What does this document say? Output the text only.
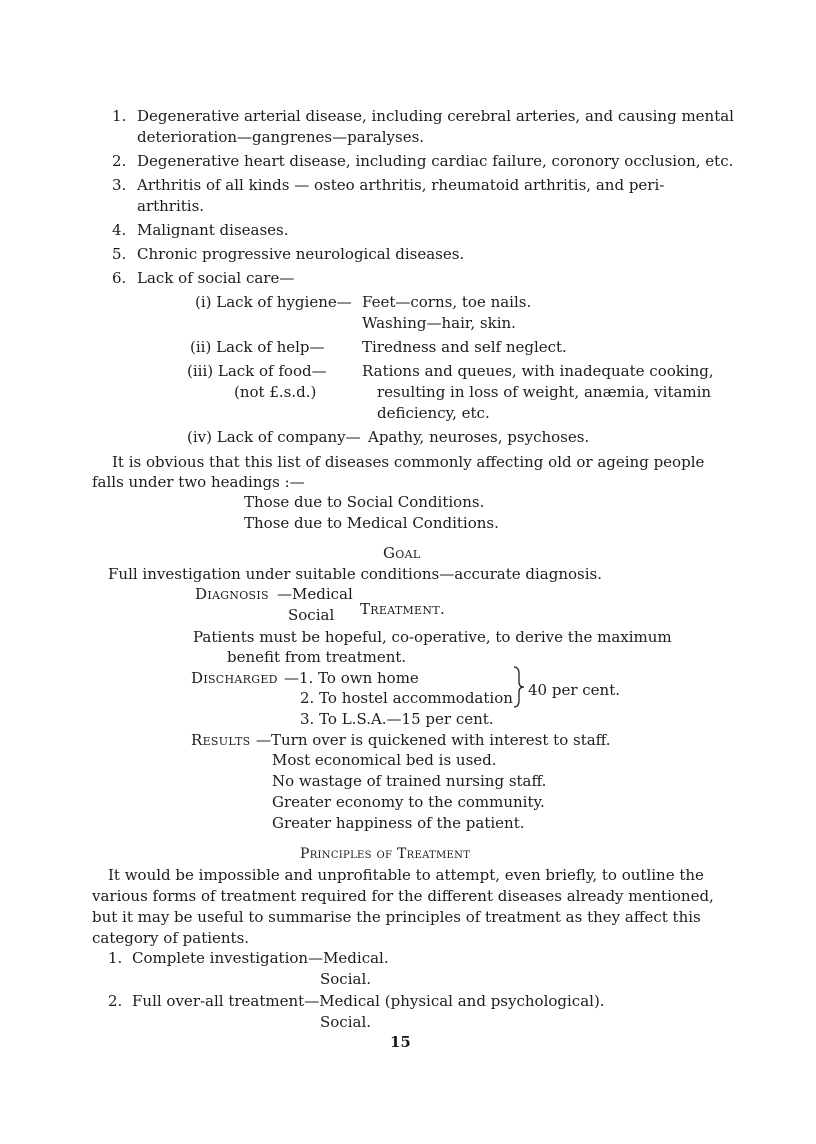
1. Degenerative arterial disease, including cerebral arteries, and causing mental
deterioration—gangrenes—paralyses.
2. Degenerative heart disease, including cardiac failure, coronory occlusion, etc.
3. Arthritis of all kinds — osteo arthritis, rheumatoid arthritis, and peri-
arthritis.
4. Malignant diseases.
5. Chronic progressive neurological diseases.
6. Lack of social care—
(i) Lack of hygiene— Feet—corns, toe nails.
Washing—hair, skin.
(ii) Lack of help— Tiredness and self neglect.
(iii) Lack of food—
(not £.s.d.)
Rations and queues, with inadequate cooking,
resulting in loss of weight, anæmia, vitamin
deficiency, etc.
(iv) Lack of company— Apathy, neuroses, psychoses.
It is obvious that this list of diseases commonly affecting old or ageing people
falls under two headings :—
Those due to Social Conditions.
Those due to Medical Conditions.
Goal
Full investigation under suitable conditions—accurate diagnosis.
Diagnosis —Medical
Social Treatment.
Patients must be hopeful, co-operative, to derive the maximum
benefit from treatment.
Discharged —1. To own home
2. To hostel accommodation
3. To L.S.A.—15 per cent.
40 per cent.
Results —Turn over is quickened with interest to staff.
Most economical bed is used.
No wastage of trained nursing staff.
Greater economy to the community.
Greater happiness of the patient.
Principles of Treatment
It would be impossible and unprofitable to attempt, even briefly, to outline the
various forms of treatment required for the different diseases already mentioned,
but it may be useful to summarise the principles of treatment as they affect this
category of patients.
1. Complete investigation—Medical.
Social.
2. Full over-all treatment—Medical (physical and psychological).
Social.
15
